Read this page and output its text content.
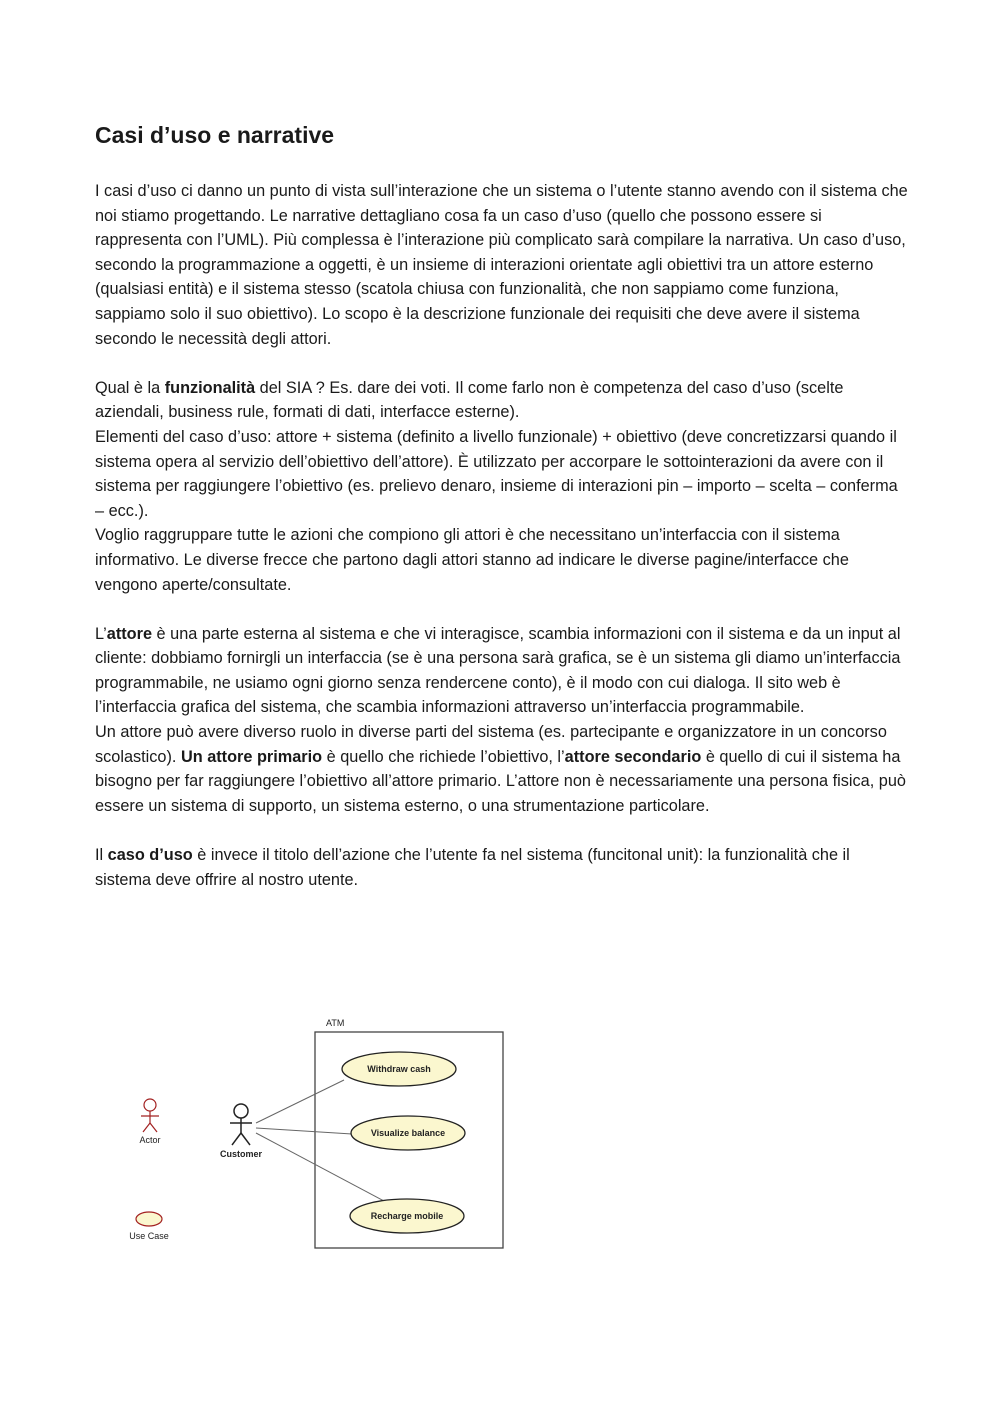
Casi d’uso e narrative

I casi d’uso ci danno un punto di vista sull’interazione che un sistema o l’utente stanno avendo con il sistema che noi stiamo progettando. Le narrative dettagliano cosa fa un caso d’uso (quello che possono essere si rappresenta con l’UML). Più complessa è l’interazione più complicato sarà compilare la narrativa. Un caso d’uso, secondo la programmazione a oggetti, è un insieme di interazioni orientate agli obiettivi tra un attore esterno (qualsiasi entità) e il sistema stesso (scatola chiusa con funzionalità, che non sappiamo come funziona, sappiamo solo il suo obiettivo). Lo scopo è la descrizione funzionale dei requisiti che deve avere il sistema secondo le necessità degli attori.

Qual è la funzionalità del SIA ? Es. dare dei voti. Il come farlo non è competenza del caso d’uso (scelte aziendali, business rule, formati di dati, interfacce esterne).

Elementi del caso d’uso: attore + sistema (definito a livello funzionale) + obiettivo (deve concretizzarsi quando il sistema opera al servizio dell’obiettivo dell’attore). È utilizzato per accorpare le sottointerazioni da avere con il sistema per raggiungere l’obiettivo (es. prelievo denaro, insieme di interazioni pin – importo – scelta – conferma – ecc.).

Voglio raggruppare tutte le azioni che compiono gli attori è che necessitano un’interfaccia con il sistema informativo. Le diverse frecce che partono dagli attori stanno ad indicare le diverse pagine/interfacce che vengono aperte/consultate.

L’attore è una parte esterna al sistema e che vi interagisce, scambia informazioni con il sistema e da un input al cliente: dobbiamo fornirgli un interfaccia (se è una persona sarà grafica, se è un sistema gli diamo un’interfaccia programmabile, ne usiamo ogni giorno senza rendercene conto), è il modo con cui dialoga. Il sito web è l’interfaccia grafica del sistema, che scambia informazioni attraverso un’interfaccia programmabile.

Un attore può avere diverso ruolo in diverse parti del sistema (es. partecipante e organizzatore in un concorso scolastico). Un attore primario è quello che richiede l’obiettivo, l’attore secondario è quello di cui il sistema ha bisogno per far raggiungere l’obiettivo all’attore primario. L’attore non è necessariamente una persona fisica, può essere un sistema di supporto, un sistema esterno, o una strumentazione particolare.

Il caso d’uso è invece il titolo dell’azione che l’utente fa nel sistema (funcitonal unit): la funzionalità che il sistema deve offrire al nostro utente.

Actor
Use Case
ATM
Customer
Withdraw cash
Visualize balance
Recharge mobile
